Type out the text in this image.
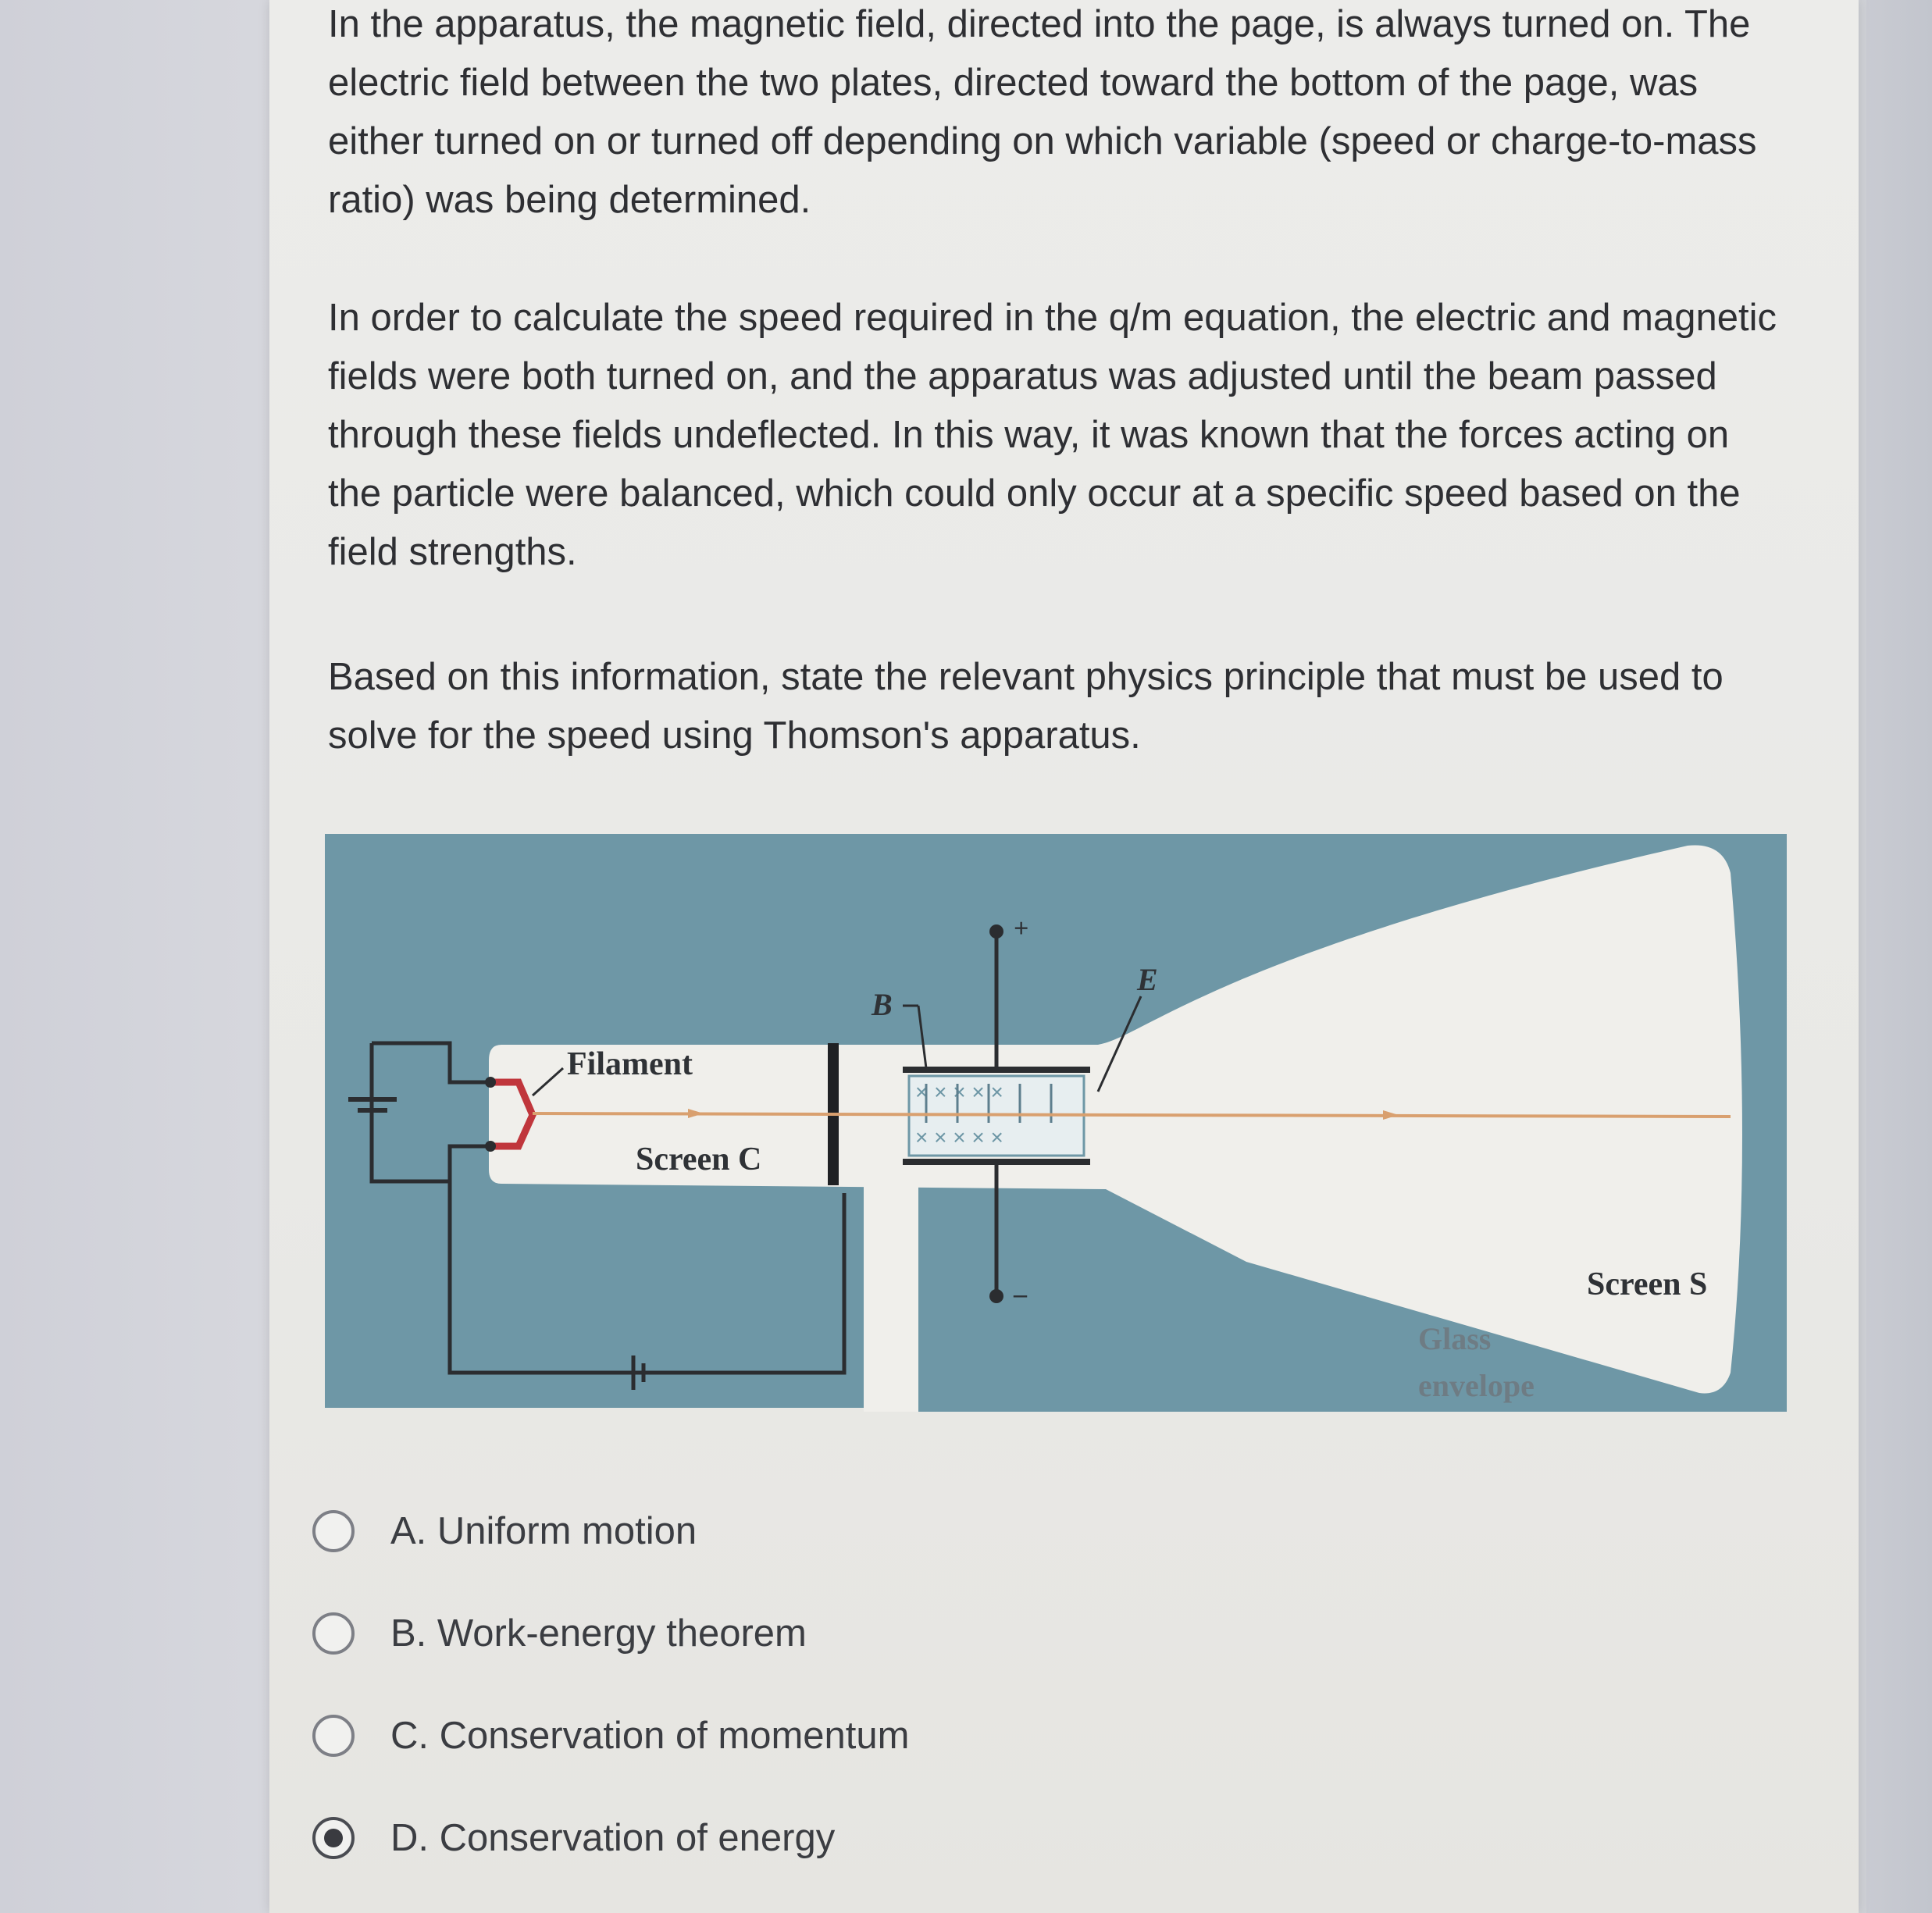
In the apparatus, the magnetic field, directed into the page, is always turned on. The electric field between the two plates, directed toward the bottom of the page, was either turned on or turned off depending on which variable (speed or charge-to-mass ratio) was being determined.

In order to calculate the speed required in the q/m equation, the electric and magnetic fields were both turned on, and the apparatus was adjusted until the beam passed through these fields undeflected. In this way, it was known that the forces acting on the particle were balanced, which could only occur at a specific speed based on the field strengths.

Based on this information, state the relevant physics principle that must be used to solve for the speed using Thomson's apparatus.

× × × × ×
× × × × ×
Filament
Screen C
B
E
+
–	Screen S
Glass
envelope
A. Uniform motion
B. Work-energy theorem
C. Conservation of momentum
D. Conservation of energy
